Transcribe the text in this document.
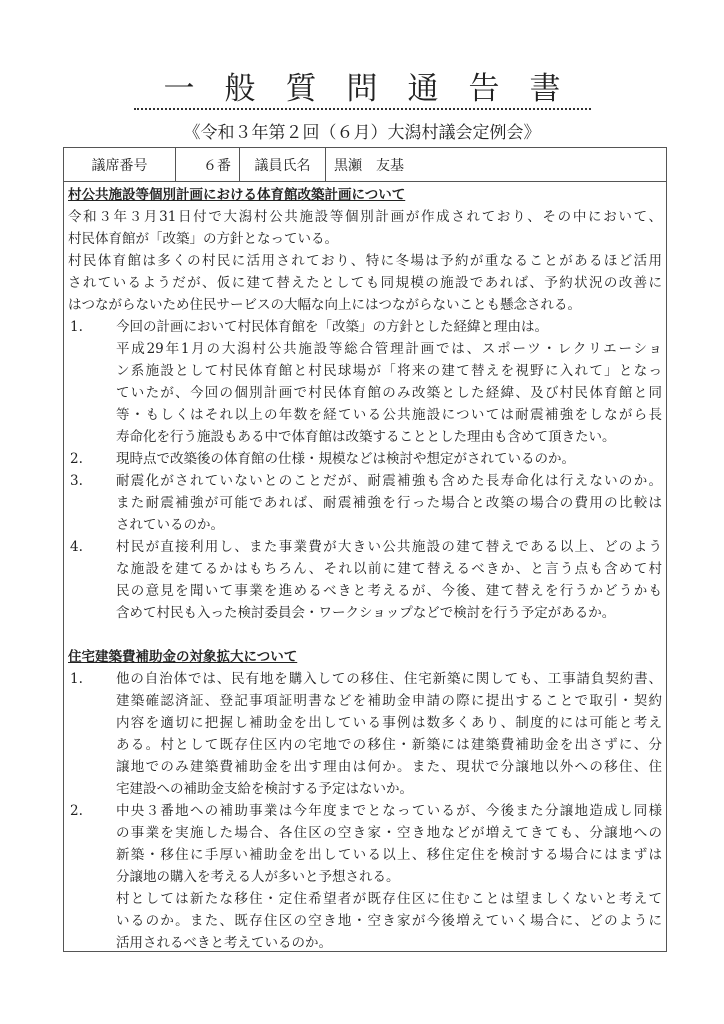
一般質問通告書
《令和３年第２回（６月）大潟村議会定例会》
議席番号	６番	議員氏名	黒瀬　友基
村公共施設等個別計画における体育館改築計画について
令和３年３月31日付で大潟村公共施設等個別計画が作成されており、その中において、
村民体育館が「改築」の方針となっている。
村民体育館は多くの村民に活用されており、特に冬場は予約が重なることがあるほど活用
されているようだが、仮に建て替えたとしても同規模の施設であれば、予約状況の改善に
はつながらないため住民サービスの大幅な向上にはつながらないことも懸念される。
1.	今回の計画において村民体育館を「改築」の方針とした経緯と理由は。
平成29年1月の大潟村公共施設等総合管理計画では、スポーツ・レクリエーショ
ン系施設として村民体育館と村民球場が「将来の建て替えを視野に入れて」となっ
ていたが、今回の個別計画で村民体育館のみ改築とした経緯、及び村民体育館と同
等・もしくはそれ以上の年数を経ている公共施設については耐震補強をしながら長
寿命化を行う施設もある中で体育館は改築することとした理由も含めて頂きたい。
2.	現時点で改築後の体育館の仕様・規模などは検討や想定がされているのか。
3.	耐震化がされていないとのことだが、耐震補強も含めた長寿命化は行えないのか。
また耐震補強が可能であれば、耐震補強を行った場合と改築の場合の費用の比較は
されているのか。
4.	村民が直接利用し、また事業費が大きい公共施設の建て替えである以上、どのよう
な施設を建てるかはもちろん、それ以前に建て替えるべきか、と言う点も含めて村
民の意見を聞いて事業を進めるべきと考えるが、今後、建て替えを行うかどうかも
含めて村民も入った検討委員会・ワークショップなどで検討を行う予定があるか。
住宅建築費補助金の対象拡大について
1.	他の自治体では、民有地を購入しての移住、住宅新築に関しても、工事請負契約書、
建築確認済証、登記事項証明書などを補助金申請の際に提出することで取引・契約
内容を適切に把握し補助金を出している事例は数多くあり、制度的には可能と考え
ある。村として既存住区内の宅地での移住・新築には建築費補助金を出さずに、分
譲地でのみ建築費補助金を出す理由は何か。また、現状で分譲地以外への移住、住
宅建設への補助金支給を検討する予定はないか。
2.	中央３番地への補助事業は今年度までとなっているが、今後また分譲地造成し同様
の事業を実施した場合、各住区の空き家・空き地などが増えてきても、分譲地への
新築・移住に手厚い補助金を出している以上、移住定住を検討する場合にはまずは
分譲地の購入を考える人が多いと予想される。
村としては新たな移住・定住希望者が既存住区に住むことは望ましくないと考えて
いるのか。また、既存住区の空き地・空き家が今後増えていく場合に、どのように
活用されるべきと考えているのか。
